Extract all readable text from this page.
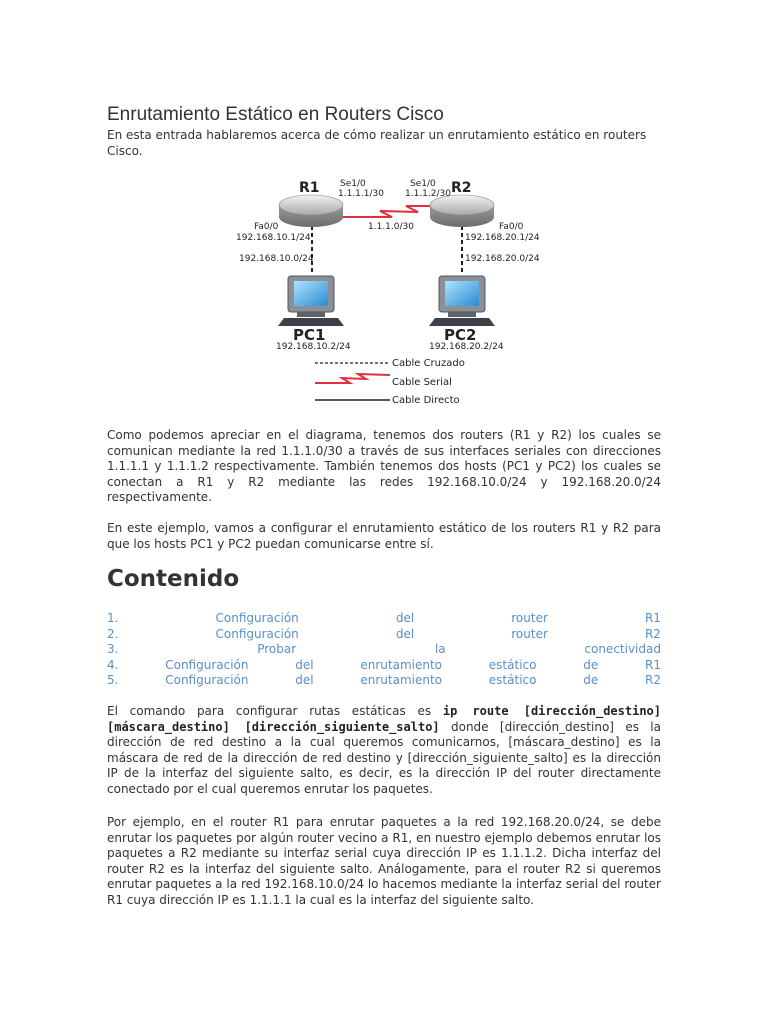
Enrutamiento Estático en Routers Cisco

En esta entrada hablaremos acerca de cómo realizar un enrutamiento estático en routers Cisco.

R1	R2
Se1/0
1.1.1.1/30
Se1/0
1.1.1.2/30
1.1.1.0/30
Fa0/0
192.168.10.1/24
Fa0/0
192.168.20.1/24
192.168.10.0/24	192.168.20.0/24
PC1
192.168.10.2/24
PC2
192.168.20.2/24
Cable Cruzado
Cable Serial
Cable Directo

Como podemos apreciar en el diagrama, tenemos dos routers (R1 y R2) los cuales se comunican mediante la red 1.1.1.0/30 a través de sus interfaces seriales con direcciones 1.1.1.1 y 1.1.1.2 respectivamente. También tenemos dos hosts (PC1 y PC2) los cuales se conectan a R1 y R2 mediante las redes 192.168.10.0/24 y 192.168.20.0/24 respectivamente.

En este ejemplo, vamos a configurar el enrutamiento estático de los routers R1 y R2 para que los hosts PC1 y PC2 puedan comunicarse entre sí.

Contenido
1.	Configuración	del	router	R1
2.	Configuración	del	router	R2
3.	Probar	la	conectividad
4.	Configuración	del	enrutamiento	estático	de	R1
5.	Configuración	del	enrutamiento	estático	de	R2

El comando para configurar rutas estáticas es ip route [dirección_destino] [máscara_destino] [dirección_siguiente_salto] donde [dirección_destino] es la dirección de red destino a la cual queremos comunicarnos, [máscara_destino] es la máscara de red de la dirección de red destino y [dirección_siguiente_salto] es la dirección IP de la interfaz del siguiente salto, es decir, es la dirección IP del router directamente conectado por el cual queremos enrutar los paquetes.

Por ejemplo, en el router R1 para enrutar paquetes a la red 192.168.20.0/24, se debe enrutar los paquetes por algún router vecino a R1, en nuestro ejemplo debemos enrutar los paquetes a R2 mediante su interfaz serial cuya dirección IP es 1.1.1.2. Dicha interfaz del router R2 es la interfaz del siguiente salto. Análogamente, para el router R2 si queremos enrutar paquetes a la red 192.168.10.0/24 lo hacemos mediante la interfaz serial del router R1 cuya dirección IP es 1.1.1.1 la cual es la interfaz del siguiente salto.
